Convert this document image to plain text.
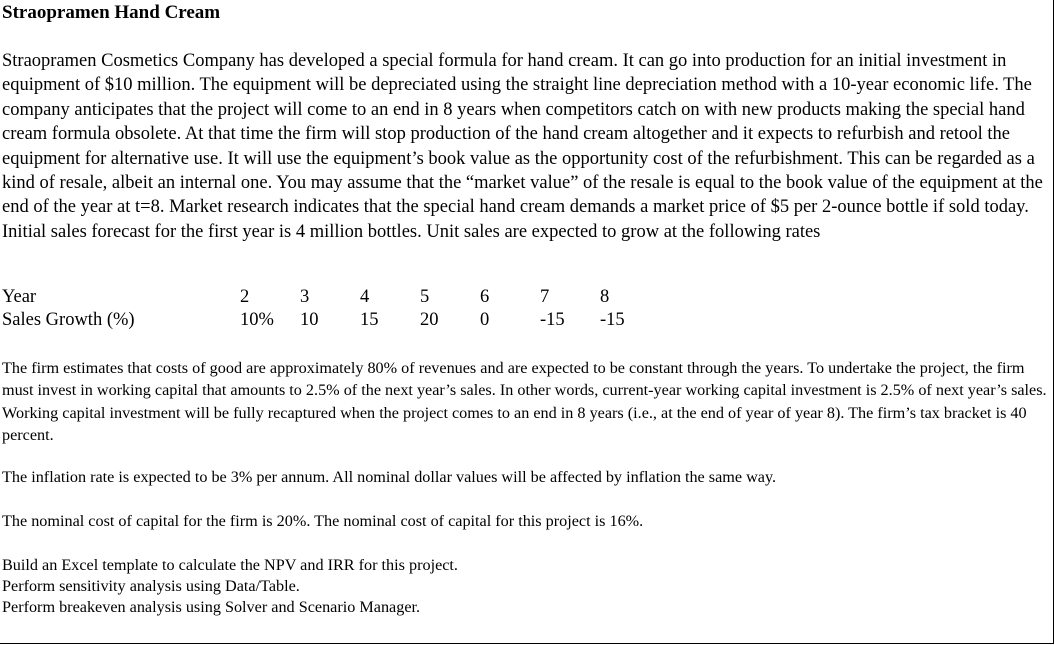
Straopramen Hand Cream
Straopramen Cosmetics Company has developed a special formula for hand cream. It can go into production for an initial investment in equipment of $10 million. The equipment will be depreciated using the straight line depreciation method with a 10-year economic life. The company anticipates that the project will come to an end in 8 years when competitors catch on with new products making the special hand cream formula obsolete. At that time the firm will stop production of the hand cream altogether and it expects to refurbish and retool the equipment for alternative use. It will use the equipment’s book value as the opportunity cost of the refurbishment. This can be regarded as a kind of resale, albeit an internal one. You may assume that the “market value” of the resale is equal to the book value of the equipment at the end of the year at t=8. Market research indicates that the special hand cream demands a market price of $5 per 2-ounce bottle if sold today. Initial sales forecast for the first year is 4 million bottles. Unit sales are expected to grow at the following rates
Year	2	3	4	5	6	7	8
Sales Growth (%)	10% 10 15 20 0	-15 -15
The firm estimates that costs of good are approximately 80% of revenues and are expected to be constant through the years. To undertake the project, the firm must invest in working capital that amounts to 2.5% of the next year’s sales. In other words, current-year working capital investment is 2.5% of next year’s sales. Working capital investment will be fully recaptured when the project comes to an end in 8 years (i.e., at the end of year of year 8). The firm’s tax bracket is 40 percent.
The inflation rate is expected to be 3% per annum. All nominal dollar values will be affected by inflation the same way.
The nominal cost of capital for the firm is 20%. The nominal cost of capital for this project is 16%.
Build an Excel template to calculate the NPV and IRR for this project.
Perform sensitivity analysis using Data/Table.
Perform breakeven analysis using Solver and Scenario Manager.
